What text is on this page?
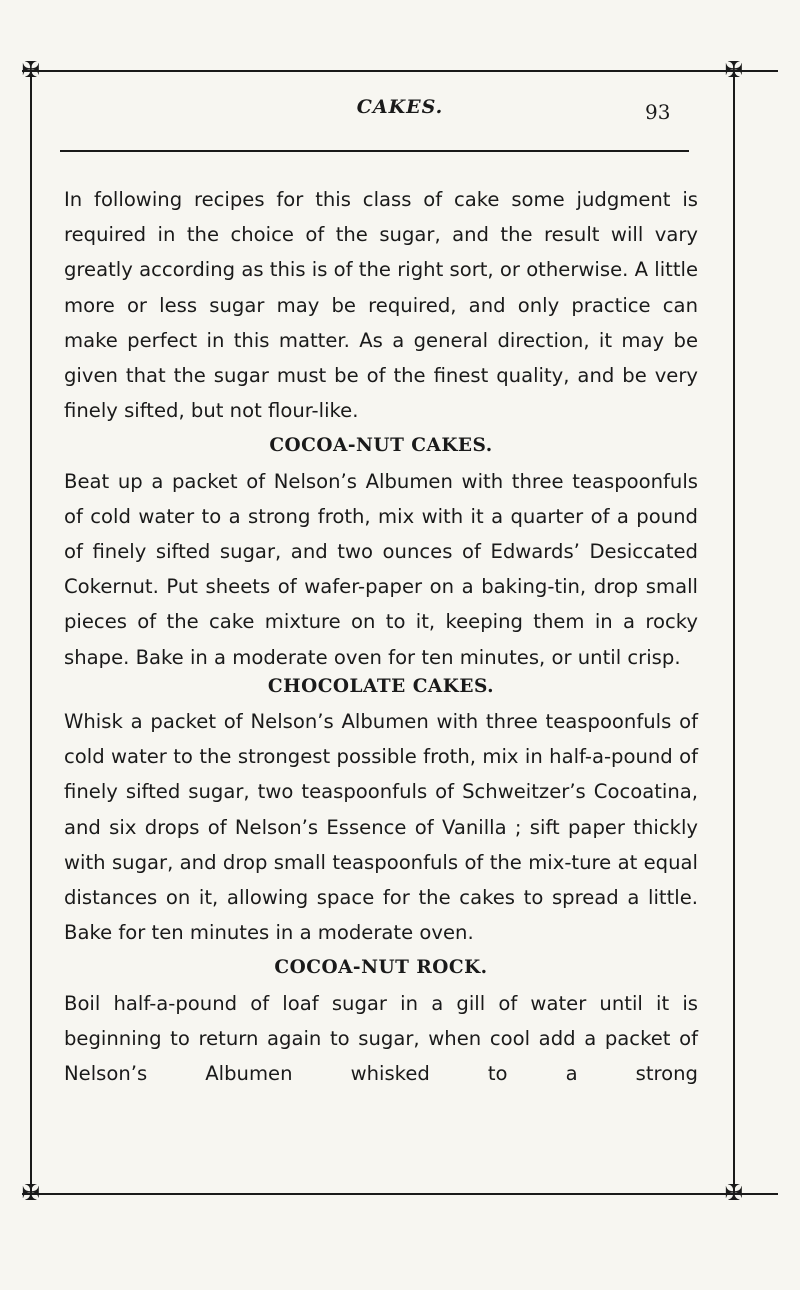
✠	✠
✠	✠
CAKES.	93

In following recipes for this class of cake some judgment is required in the choice of the sugar, and the result will vary greatly according as this is of the right sort, or otherwise. A little more or less sugar may be required, and only practice can make perfect in this matter. As a general direction, it may be given that the sugar must be of the finest quality, and be very finely sifted, but not flour-like.

COCOA-NUT CAKES.

Beat up a packet of Nelson’s Albumen with three teaspoonfuls of cold water to a strong froth, mix with it a quarter of a pound of finely sifted sugar, and two ounces of Edwards’ Desiccated Cokernut. Put sheets of wafer-paper on a baking-tin, drop small pieces of the cake mixture on to it, keeping them in a rocky shape. Bake in a moderate oven for ten minutes, or until crisp.

CHOCOLATE CAKES.

Whisk a packet of Nelson’s Albumen with three teaspoonfuls of cold water to the strongest possible froth, mix in half-a-pound of finely sifted sugar, two teaspoonfuls of Schweitzer’s Cocoatina, and six drops of Nelson’s Essence of Vanilla ; sift paper thickly with sugar, and drop small teaspoonfuls of the mix-ture at equal distances on it, allowing space for the cakes to spread a little. Bake for ten minutes in a moderate oven.

COCOA-NUT ROCK.

Boil half-a-pound of loaf sugar in a gill of water until it is beginning to return again to sugar, when cool add a packet of Nelson’s Albumen whisked to a strong
